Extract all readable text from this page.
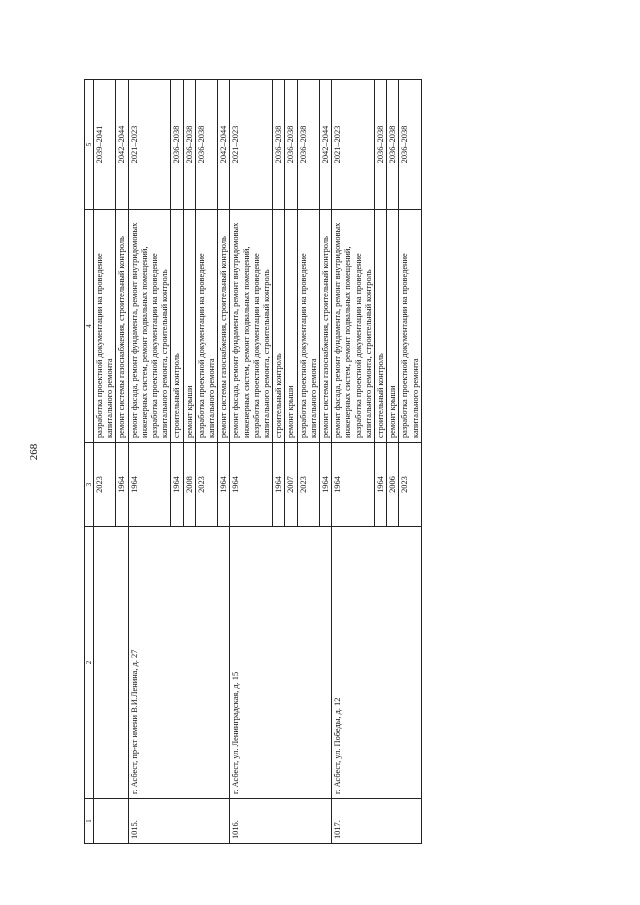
268
1	2	3	4	5
		2023	разработка проектной документации на проведение капитального ремонта	2039–2041
		1964	ремонт системы газоснабжения, строительный контроль	2042–2044
1015.	г. Асбест, пр-кт имени В.И.Ленина, д. 27	1964	ремонт фасада, ремонт фундамента, ремонт внутридомовых инженерных систем, ремонт подвальных помещений, разработка проектной документации на проведение капитального ремонта, строительный контроль	2021–2023
		1964	строительный контроль	2036–2038
		2008	ремонт крыши	2036–2038
		2023	разработка проектной документации на проведение капитального ремонта	2036–2038
		1964	ремонт системы газоснабжения, строительный контроль	2042–2044
1016.	г. Асбест, ул. Ленинградская, д. 15	1964	ремонт фасада, ремонт фундамента, ремонт внутридомовых инженерных систем, ремонт подвальных помещений, разработка проектной документации на проведение капитального ремонта, строительный контроль	2021–2023
		1964	строительный контроль	2036–2038
		2007	ремонт крыши	2036–2038
		2023	разработка проектной документации на проведение капитального ремонта	2036–2038
		1964	ремонт системы газоснабжения, строительный контроль	2042–2044
1017.	г. Асбест, ул. Победы, д. 12	1964	ремонт фасада, ремонт фундамента, ремонт внутридомовых инженерных систем, ремонт подвальных помещений, разработка проектной документации на проведение капитального ремонта, строительный контроль	2021–2023
		1964	строительный контроль	2036–2038
		2006	ремонт крыши	2036–2038
		2023	разработка проектной документации на проведение капитального ремонта	2036–2038
